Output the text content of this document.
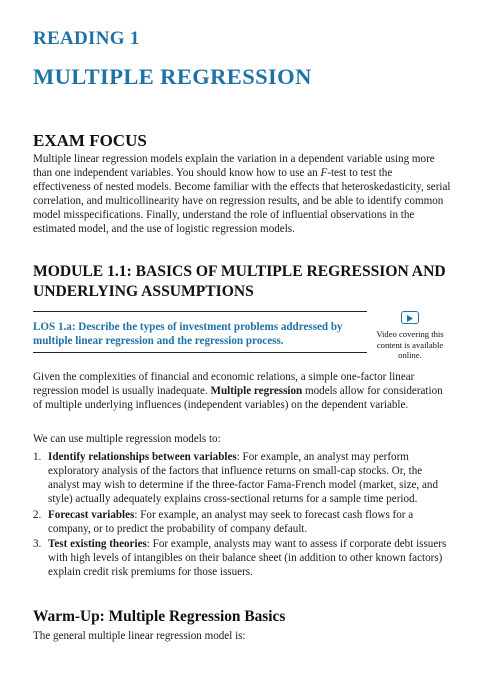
READING 1
MULTIPLE REGRESSION
EXAM FOCUS
Multiple linear regression models explain the variation in a dependent variable using more than one independent variables. You should know how to use an F-test to test the effectiveness of nested models. Become familiar with the effects that heteroskedasticity, serial correlation, and multicollinearity have on regression results, and be able to identify common model misspecifications. Finally, understand the role of influential observations in the estimated model, and the use of logistic regression models.
MODULE 1.1: BASICS OF MULTIPLE REGRESSION AND UNDERLYING ASSUMPTIONS
LOS 1.a: Describe the types of investment problems addressed by multiple linear regression and the regression process.
Video covering this content is available online.
Given the complexities of financial and economic relations, a simple one-factor linear regression model is usually inadequate. Multiple regression models allow for consideration of multiple underlying influences (independent variables) on the dependent variable.
We can use multiple regression models to:
1. Identify relationships between variables: For example, an analyst may perform exploratory analysis of the factors that influence returns on small-cap stocks. Or, the analyst may wish to determine if the three-factor Fama-French model (market, size, and style) actually adequately explains cross-sectional returns for a sample time period.
2. Forecast variables: For example, an analyst may seek to forecast cash flows for a company, or to predict the probability of company default.
3. Test existing theories: For example, analysts may want to assess if corporate debt issuers with high levels of intangibles on their balance sheet (in addition to other known factors) explain credit risk premiums for those issuers.
Warm-Up: Multiple Regression Basics
The general multiple linear regression model is:
